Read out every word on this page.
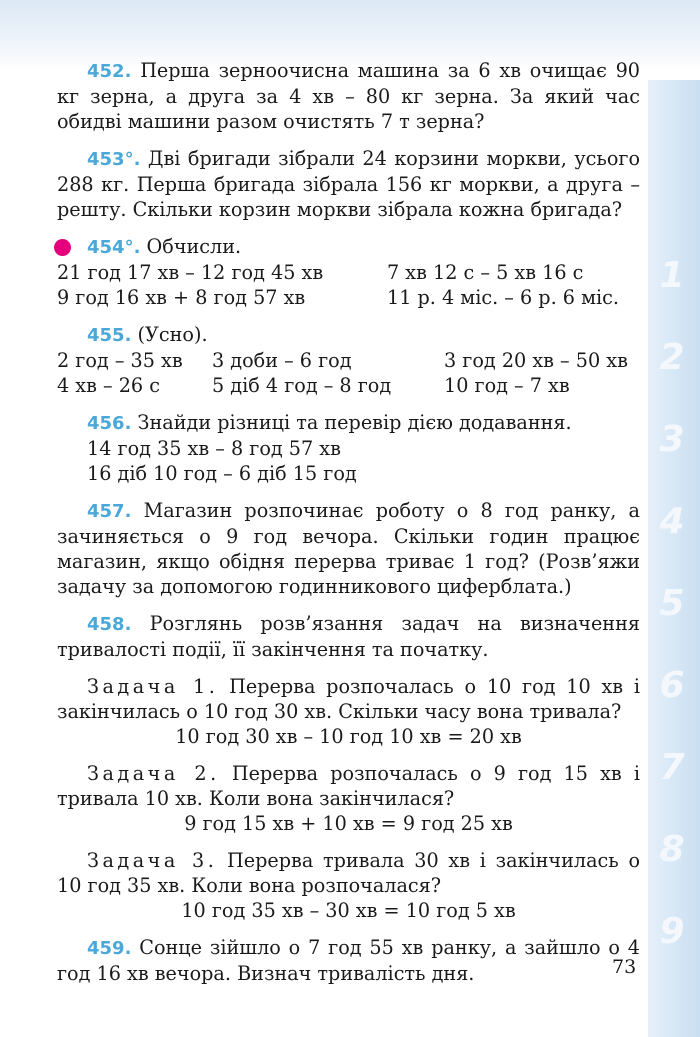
1
2
3
4
5
6
7
8
9

452. Перша зерноочисна машина за 6 хв очищає 90 кг зерна, а друга за 4 хв – 80 кг зерна. За який час обидві машини разом очистять 7 т зерна?

453°. Дві бригади зібрали 24 корзини моркви, усього 288 кг. Перша бригада зібрала 156 кг моркви, а друга – решту. Скільки корзин моркви зібрала кожна бригада?

454°. Обчисли.
21 год 17 хв – 12 год 45 хв	7 хв 12 с – 5 хв 16 с
9 год 16 хв + 8 год 57 хв	11 р. 4 міс. – 6 р. 6 міс.
455. (Усно).
2 год – 35 хв	3 доби – 6 год	3 год 20 хв – 50 хв
4 хв – 26 с	5 діб 4 год – 8 год	10 год – 7 хв
456. Знайди різниці та перевір дією додавання.
14 год 35 хв – 8 год 57 хв
16 діб 10 год – 6 діб 15 год

457. Магазин розпочинає роботу о 8 год ранку, а зачиняється о 9 год вечора. Скільки годин працює магазин, якщо обідня перерва триває 1 год? (Розв’яжи задачу за допомогою годинникового циферблата.)

458. Розглянь розв’язання задач на визначення тривалості події, її закінчення та початку.

Задача 1. Перерва розпочалась о 10 год 10 хв і закінчилась о 10 год 30 хв. Скільки часу вона тривала?

10 год 30 хв – 10 год 10 хв = 20 хв

Задача 2. Перерва розпочалась о 9 год 15 хв і тривала 10 хв. Коли вона закінчилася?

9 год 15 хв + 10 хв = 9 год 25 хв

Задача 3. Перерва тривала 30 хв і закінчилась о 10 год 35 хв. Коли вона розпочалася?

10 год 35 хв – 30 хв = 10 год 5 хв

459. Сонце зійшло о 7 год 55 хв ранку, а зайшло о 4 год 16 хв вечора. Визнач тривалість дня.	73
